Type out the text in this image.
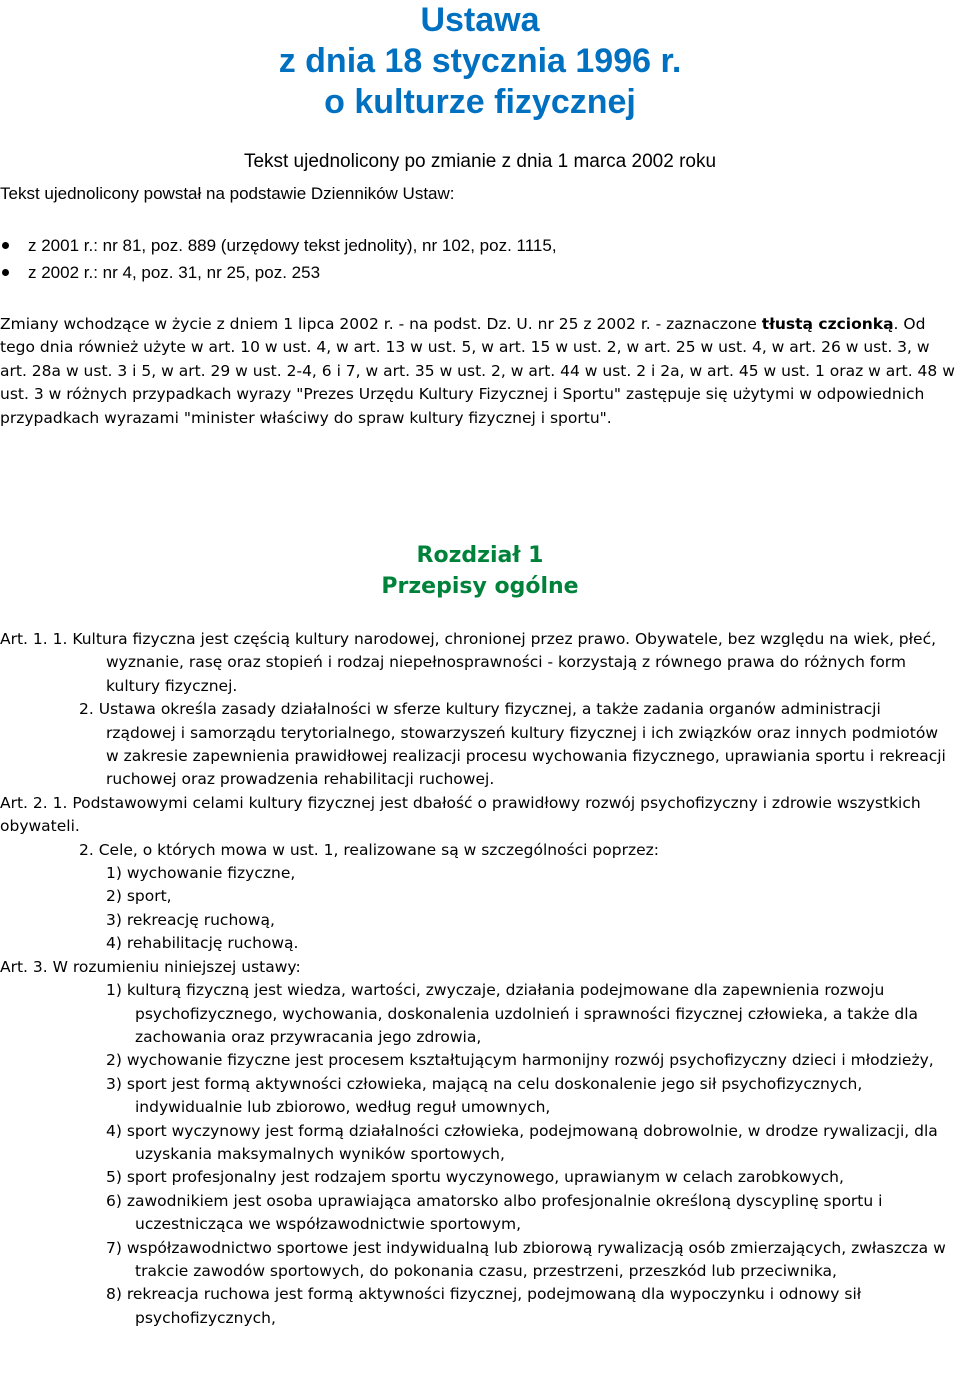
Ustawa
z dnia 18 stycznia 1996 r.
o kulturze fizycznej
Tekst ujednolicony po zmianie z dnia 1 marca 2002 roku
Tekst ujednolicony powstał na podstawie Dzienników Ustaw:
z 2001 r.: nr 81, poz. 889 (urzędowy tekst jednolity), nr 102, poz. 1115,
z 2002 r.: nr 4, poz. 31, nr 25, poz. 253
Zmiany wchodzące w życie z dniem 1 lipca 2002 r. - na podst. Dz. U. nr 25 z 2002 r. - zaznaczone tłustą czcionką. Od tego dnia również użyte w art. 10 w ust. 4, w art. 13 w ust. 5, w art. 15 w ust. 2, w art. 25 w ust. 4, w art. 26 w ust. 3, w art. 28a w ust. 3 i 5, w art. 29 w ust. 2-4, 6 i 7, w art. 35 w ust. 2, w art. 44 w ust. 2 i 2a, w art. 45 w ust. 1 oraz w art. 48 w ust. 3 w różnych przypadkach wyrazy "Prezes Urzędu Kultury Fizycznej i Sportu" zastępuje się użytymi w odpowiednich przypadkach wyrazami "minister właściwy do spraw kultury fizycznej i sportu".
Rozdział 1
Przepisy ogólne

Art. 1. 1. Kultura fizyczna jest częścią kultury narodowej, chronionej przez prawo. Obywatele, bez względu na wiek, płeć, wyznanie, rasę oraz stopień i rodzaj niepełnosprawności - korzystają z równego prawa do różnych form kultury fizycznej.

2. Ustawa określa zasady działalności w sferze kultury fizycznej, a także zadania organów administracji rządowej i samorządu terytorialnego, stowarzyszeń kultury fizycznej i ich związków oraz innych podmiotów w zakresie zapewnienia prawidłowej realizacji procesu wychowania fizycznego, uprawiania sportu i rekreacji ruchowej oraz prowadzenia rehabilitacji ruchowej.

Art. 2. 1. Podstawowymi celami kultury fizycznej jest dbałość o prawidłowy rozwój psychofizyczny i zdrowie wszystkich obywateli.

2. Cele, o których mowa w ust. 1, realizowane są w szczególności poprzez:

1) wychowanie fizyczne,

2) sport,

3) rekreację ruchową,

4) rehabilitację ruchową.

Art. 3. W rozumieniu niniejszej ustawy:

1) kulturą fizyczną jest wiedza, wartości, zwyczaje, działania podejmowane dla zapewnienia rozwoju psychofizycznego, wychowania, doskonalenia uzdolnień i sprawności fizycznej człowieka, a także dla zachowania oraz przywracania jego zdrowia,

2) wychowanie fizyczne jest procesem kształtującym harmonijny rozwój psychofizyczny dzieci i młodzieży,

3) sport jest formą aktywności człowieka, mającą na celu doskonalenie jego sił psychofizycznych, indywidualnie lub zbiorowo, według reguł umownych,

4) sport wyczynowy jest formą działalności człowieka, podejmowaną dobrowolnie, w drodze rywalizacji, dla uzyskania maksymalnych wyników sportowych,

5) sport profesjonalny jest rodzajem sportu wyczynowego, uprawianym w celach zarobkowych,

6) zawodnikiem jest osoba uprawiająca amatorsko albo profesjonalnie określoną dyscyplinę sportu i uczestnicząca we współzawodnictwie sportowym,

7) współzawodnictwo sportowe jest indywidualną lub zbiorową rywalizacją osób zmierzających, zwłaszcza w trakcie zawodów sportowych, do pokonania czasu, przestrzeni, przeszkód lub przeciwnika,

8) rekreacja ruchowa jest formą aktywności fizycznej, podejmowaną dla wypoczynku i odnowy sił psychofizycznych,
